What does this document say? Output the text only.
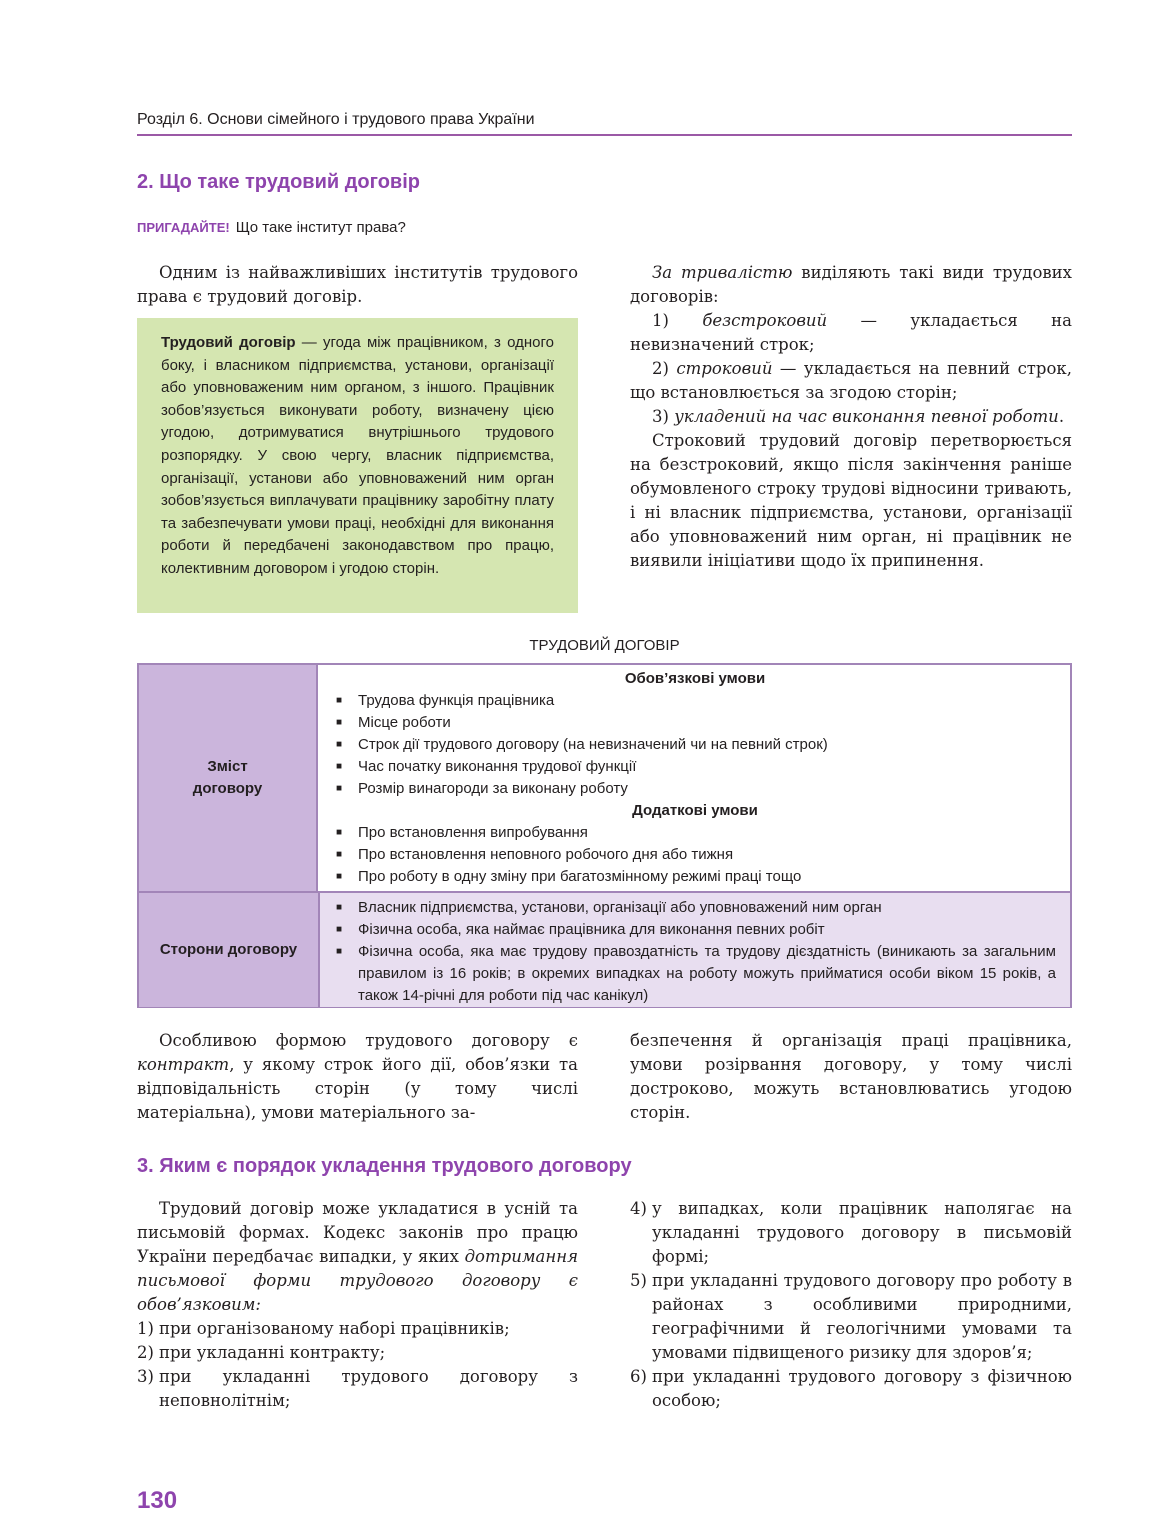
Розділ 6. Основи сімейного і трудового права України
2. Що таке трудовий договір
ПРИГАДАЙТЕ! Що таке інститут права?

Одним із найважливіших інститутів трудового права є трудовий договір.

Трудовий договір — угода між працівником, з одного боку, і власником підприємства, установи, організації або уповноваженим ним органом, з іншого. Працівник зобов’язується виконувати роботу, визначену цією угодою, дотримуватися внутрішнього трудового розпорядку. У свою чергу, власник підприємства, організації, установи або уповноважений ним орган зобов’язується виплачувати працівнику заробітну плату та забезпечувати умови праці, необхідні для виконання роботи й передбачені законодавством про працю, колективним договором і угодою сторін.

За тривалістю виділяють такі види трудових договорів:

1) безстроковий — укладається на невизначений строк;

2) строковий — укладається на певний строк, що встановлюється за згодою сторін;

3) укладений на час виконання певної роботи.

Строковий трудовий договір перетворюється на безстроковий, якщо після закінчення раніше обумовленого строку трудові відносини тривають, і ні власник підприємства, установи, організації або уповноважений ним орган, ні працівник не виявили ініціативи щодо їх припинення.

ТРУДОВИЙ ДОГОВІР
Зміст договору
Обов’язкові умови
■ Трудова функція працівника
■ Місце роботи
■ Строк дії трудового договору (на невизначений чи на певний строк)
■ Час початку виконання трудової функції
■ Розмір винагороди за виконану роботу
Додаткові умови
■ Про встановлення випробування
■ Про встановлення неповного робочого дня або тижня
■ Про роботу в одну зміну при багатозмінному режимі праці тощо
Сторони договору
■ Власник підприємства, установи, організації або уповноважений ним орган
■ Фізична особа, яка наймає працівника для виконання певних робіт
■ Фізична особа, яка має трудову правоздатність та трудову дієздатність (виникають за загальним правилом із 16 років; в окремих випадках на роботу можуть прийматися особи віком 15 років, а також 14-річні для роботи під час канікул)

Особливою формою трудового договору є контракт, у якому строк його дії, обов’язки та відповідальність сторін (у тому числі матеріальна), умови матеріального за-

безпечення й організація праці працівника, умови розірвання договору, у тому числі достроково, можуть встановлюватись угодою сторін.

3. Яким є порядок укладення трудового договору

Трудовий договір може укладатися в усній та письмовій формах. Кодекс законів про працю України передбачає випадки, у яких дотримання письмової форми трудового договору є обов’язковим:

1) при організованому наборі працівників;

2) при укладанні контракту;

3) при укладанні трудового договору з неповнолітнім;

4) у випадках, коли працівник наполягає на укладанні трудового договору в письмовій формі;

5) при укладанні трудового договору про роботу в районах з особливими природними, географічними й геологічними умовами та умовами підвищеного ризику для здоров’я;

6) при укладанні трудового договору з фізичною особою;

130
